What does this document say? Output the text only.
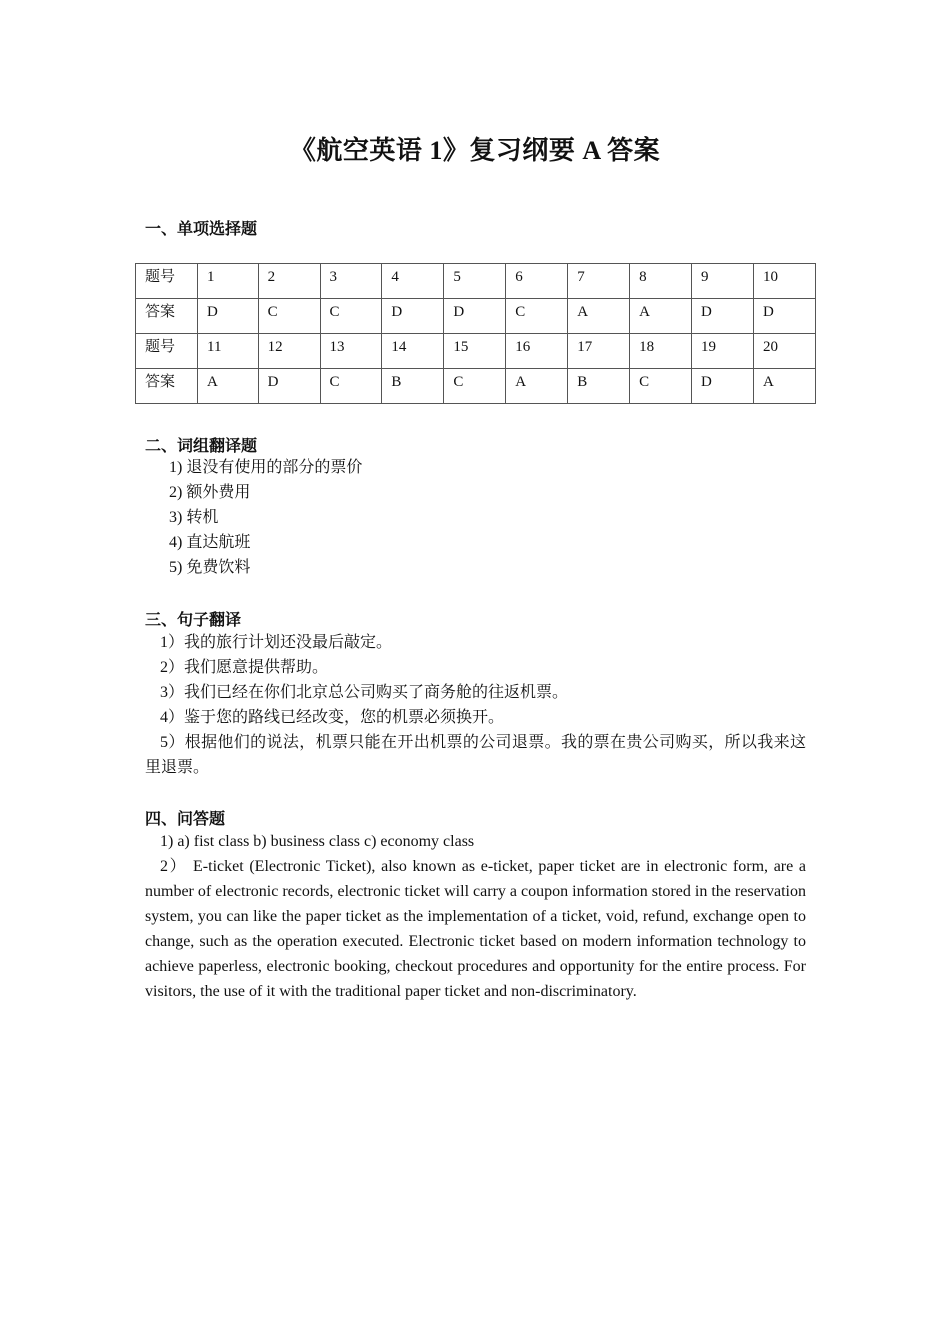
《航空英语 1》复习纲要 A 答案
一、单项选择题
题号	1	2	3	4	5	6	7	8	9	10
答案	D	C	C	D	D	C	A	A	D	D
题号	11	12	13	14	15	16	17	18	19	20
答案	A	D	C	B	C	A	B	C	D	A
二、词组翻译题
1) 退没有使用的部分的票价
2) 额外费用
3) 转机
4) 直达航班
5) 免费饮料
三、句子翻译
1）我的旅行计划还没最后敲定。
2）我们愿意提供帮助。
3）我们已经在你们北京总公司购买了商务舱的往返机票。
4）鉴于您的路线已经改变，您的机票必须换开。
5）根据他们的说法，机票只能在开出机票的公司退票。我的票在贵公司购买，所以我来这里退票。
四、问答题
1) a) fist class b) business class c) economy class
2） E-ticket (Electronic Ticket), also known as e-ticket, paper ticket are in electronic form, are a number of electronic records, electronic ticket will carry a coupon information stored in the reservation system, you can like the paper ticket as the implementation of a ticket, void, refund, exchange open to change, such as the operation executed. Electronic ticket based on modern information technology to achieve paperless, electronic booking, checkout procedures and opportunity for the entire process. For visitors, the use of it with the traditional paper ticket and non-discriminatory.
